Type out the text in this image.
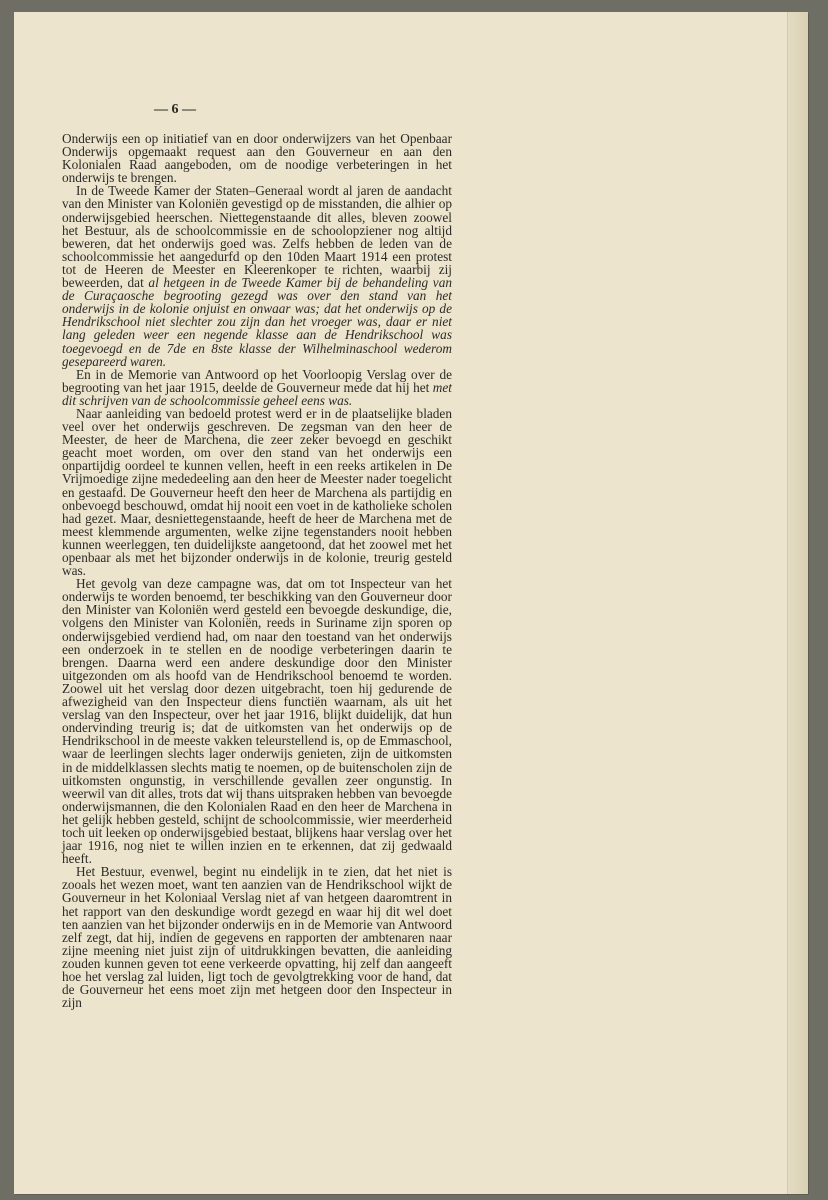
— 6 —

Onderwijs een op initiatief van en door onderwijzers van het Openbaar Onderwijs opgemaakt request aan den Gouverneur en aan den Kolonialen Raad aangeboden, om de noodige verbeteringen in het onderwijs te brengen.

In de Tweede Kamer der Staten–Generaal wordt al jaren de aandacht van den Minister van Koloniën gevestigd op de misstanden, die alhier op onderwijsgebied heerschen. Niettegenstaande dit alles, bleven zoowel het Bestuur, als de schoolcommissie en de schoolopziener nog altijd beweren, dat het onderwijs goed was. Zelfs hebben de leden van de schoolcommissie het aangedurfd op den 10den Maart 1914 een protest tot de Heeren de Meester en Kleerenkoper te richten, waarbij zij beweerden, dat al hetgeen in de Tweede Kamer bij de behandeling van de Curaçaosche begrooting gezegd was over den stand van het onderwijs in de kolonie onjuist en onwaar was; dat het onderwijs op de Hendrikschool niet slechter zou zijn dan het vroeger was, daar er niet lang geleden weer een negende klasse aan de Hendrikschool was toegevoegd en de 7de en 8ste klasse der Wilhelminaschool wederom gesepareerd waren.

En in de Memorie van Antwoord op het Voorloopig Verslag over de begrooting van het jaar 1915, deelde de Gouverneur mede dat hij het met dit schrijven van de schoolcommissie geheel eens was.

Naar aanleiding van bedoeld protest werd er in de plaatselijke bladen veel over het onderwijs geschreven. De zegsman van den heer de Meester, de heer de Marchena, die zeer zeker bevoegd en geschikt geacht moet worden, om over den stand van het onderwijs een onpartijdig oordeel te kunnen vellen, heeft in een reeks artikelen in De Vrijmoedige zijne mededeeling aan den heer de Meester nader toegelicht en gestaafd. De Gouverneur heeft den heer de Marchena als partijdig en onbevoegd beschouwd, omdat hij nooit een voet in de katholieke scholen had gezet. Maar, desniettegenstaande, heeft de heer de Marchena met de meest klemmende argumenten, welke zijne tegenstanders nooit hebben kunnen weerleggen, ten duidelijkste aangetoond, dat het zoowel met het openbaar als met het bijzonder onderwijs in de kolonie, treurig gesteld was.

Het gevolg van deze campagne was, dat om tot Inspecteur van het onderwijs te worden benoemd, ter beschikking van den Gouverneur door den Minister van Koloniën werd gesteld een bevoegde deskundige, die, volgens den Minister van Koloniën, reeds in Suriname zijn sporen op onderwijsgebied verdiend had, om naar den toestand van het onderwijs een onderzoek in te stellen en de noodige verbeteringen daarin te brengen. Daarna werd een andere deskundige door den Minister uitgezonden om als hoofd van de Hendrikschool benoemd te worden. Zoowel uit het verslag door dezen uitgebracht, toen hij gedurende de afwezigheid van den Inspecteur diens functiën waarnam, als uit het verslag van den Inspecteur, over het jaar 1916, blijkt duidelijk, dat hun ondervinding treurig is; dat de uitkomsten van het onderwijs op de Hendrikschool in de meeste vakken teleurstellend is, op de Emmaschool, waar de leerlingen slechts lager onderwijs genieten, zijn de uitkomsten in de middelklassen slechts matig te noemen, op de buitenscholen zijn de uitkomsten ongunstig, in verschillende gevallen zeer ongunstig. In weerwil van dit alles, trots dat wij thans uitspraken hebben van bevoegde onderwijsmannen, die den Kolonialen Raad en den heer de Marchena in het gelijk hebben gesteld, schijnt de schoolcommissie, wier meerderheid toch uit leeken op onderwijsgebied bestaat, blijkens haar verslag over het jaar 1916, nog niet te willen inzien en te erkennen, dat zij gedwaald heeft.

Het Bestuur, evenwel, begint nu eindelijk in te zien, dat het niet is zooals het wezen moet, want ten aanzien van de Hendrikschool wijkt de Gouverneur in het Koloniaal Verslag niet af van hetgeen daaromtrent in het rapport van den deskundige wordt gezegd en waar hij dit wel doet ten aanzien van het bijzonder onderwijs en in de Memorie van Antwoord zelf zegt, dat hij, indien de gegevens en rapporten der ambtenaren naar zijne meening niet juist zijn of uitdrukkingen bevatten, die aanleiding zouden kunnen geven tot eene verkeerde opvatting, hij zelf dan aangeeft hoe het verslag zal luiden, ligt toch de gevolgtrekking voor de hand, dat de Gouverneur het eens moet zijn met hetgeen door den Inspecteur in zijn
